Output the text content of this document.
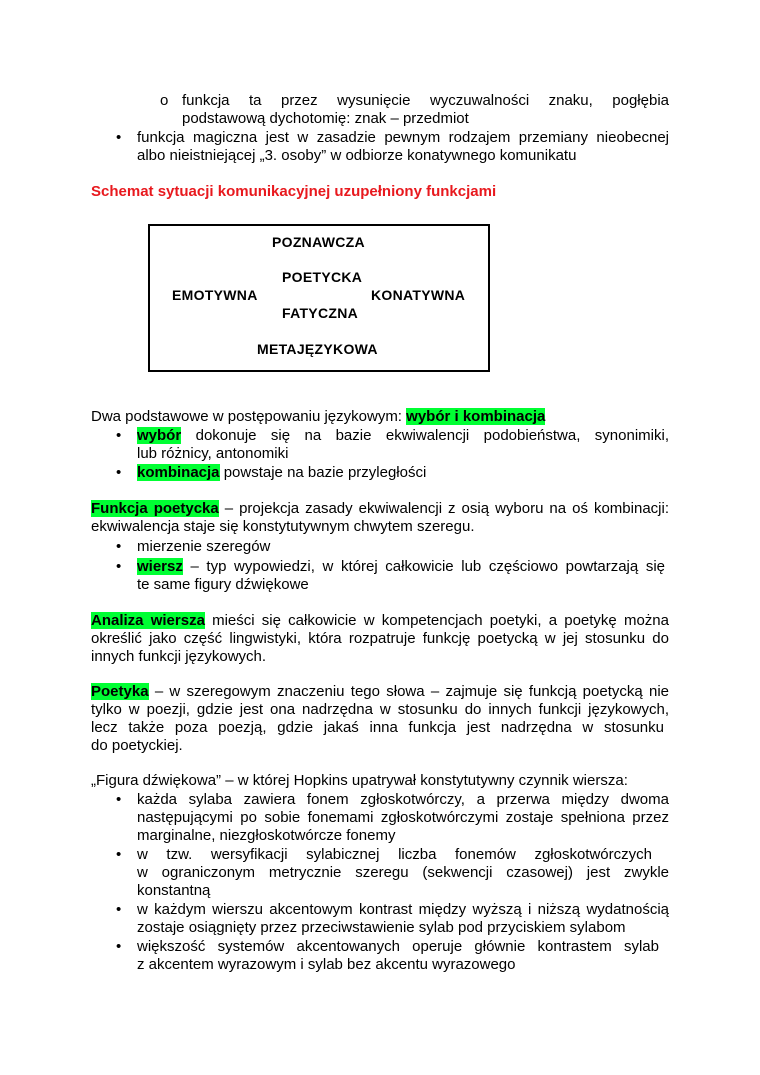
o funkcja ta przez wysunięcie wyczuwalności znaku, pogłębia
podstawową dychotomię: znak – przedmiot
• funkcja magiczna jest w zasadzie pewnym rodzajem przemiany nieobecnej
albo nieistniejącej „3. osoby” w odbiorze konatywnego komunikatu
Schemat sytuacji komunikacyjnej uzupełniony funkcjami
POZNAWCZA
POETYCKA
EMOTYWNA	KONATYWNA
FATYCZNA
METAJĘZYKOWA
Dwa podstawowe w postępowaniu językowym: wybór i kombinacja
• wybór dokonuje się na bazie ekwiwalencji podobieństwa, synonimiki,
lub różnicy, antonomiki
• kombinacja powstaje na bazie przyległości
Funkcja poetycka – projekcja zasady ekwiwalencji z osią wyboru na oś kombinacji:
ekwiwalencja staje się konstytutywnym chwytem szeregu.
• mierzenie szeregów
• wiersz – typ wypowiedzi, w której całkowicie lub częściowo powtarzają się
te same figury dźwiękowe
Analiza wiersza mieści się całkowicie w kompetencjach poetyki, a poetykę można
określić jako część lingwistyki, która rozpatruje funkcję poetycką w jej stosunku do
innych funkcji językowych.
Poetyka – w szeregowym znaczeniu tego słowa – zajmuje się funkcją poetycką nie
tylko w poezji, gdzie jest ona nadrzędna w stosunku do innych funkcji językowych,
lecz także poza poezją, gdzie jakaś inna funkcja jest nadrzędna w stosunku
do poetyckiej.
„Figura dźwiękowa” – w której Hopkins upatrywał konstytutywny czynnik wiersza:
• każda sylaba zawiera fonem zgłoskotwórczy, a przerwa między dwoma
następującymi po sobie fonemami zgłoskotwórczymi zostaje spełniona przez
marginalne, niezgłoskotwórcze fonemy
• w tzw. wersyfikacji sylabicznej liczba fonemów zgłoskotwórczych
w ograniczonym metrycznie szeregu (sekwencji czasowej) jest zwykle
konstantną
• w każdym wierszu akcentowym kontrast między wyższą i niższą wydatnością
zostaje osiągnięty przez przeciwstawienie sylab pod przyciskiem sylabom
• większość systemów akcentowanych operuje głównie kontrastem sylab
z akcentem wyrazowym i sylab bez akcentu wyrazowego
